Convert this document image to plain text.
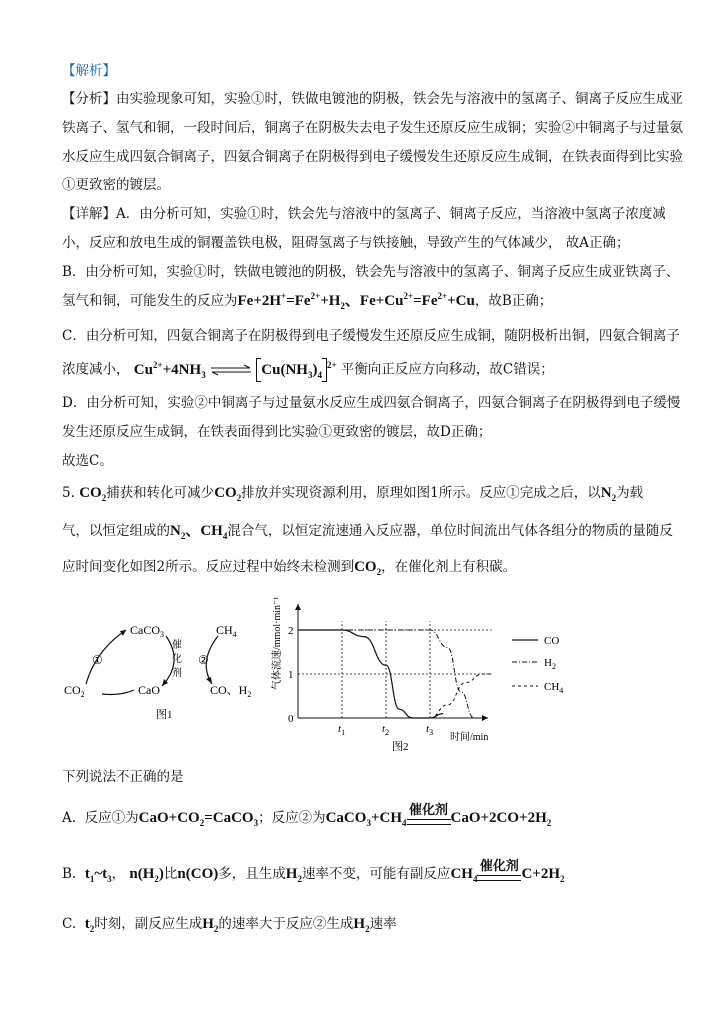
【解析】
【分析】由实验现象可知，实验①时，铁做电镀池的阴极，铁会先与溶液中的氢离子、铜离子反应生成亚
铁离子、氢气和铜，一段时间后，铜离子在阴极失去电子发生还原反应生成铜；实验②中铜离子与过量氨
水反应生成四氨合铜离子，四氨合铜离子在阴极得到电子缓慢发生还原反应生成铜，在铁表面得到比实验
①更致密的镀层。
【详解】A．由分析可知，实验①时，铁会先与溶液中的氢离子、铜离子反应，当溶液中氢离子浓度减
小，反应和放电生成的铜覆盖铁电极，阻碍氢离子与铁接触，导致产生的气体减少， 故A正确；
B．由分析可知，实验①时，铁做电镀池的阴极，铁会先与溶液中的氢离子、铜离子反应生成亚铁离子、
氢气和铜，可能发生的反应为$Fe+2H^+=Fe^{2+}+H_2$、$Fe+Cu^{2+}=Fe^{2+}+Cu$，故B正确；
C．由分析可知，四氨合铜离子在阴极得到电子缓慢发生还原反应生成铜，随阴极析出铜，四氨合铜离子
浓度减小， $Cu^{2+}+4NH_3$ ⇌ $Cu(NH_3)_4^{2+}$ 平衡向正反应方向移动，故C错误；
D．由分析可知，实验②中铜离子与过量氨水反应生成四氨合铜离子，四氨合铜离子在阴极得到电子缓慢
发生还原反应生成铜，在铁表面得到比实验①更致密的镀层，故D正确；
故选C。
5. $CO_2$捕获和转化可减少$CO_2$排放并实现资源利用，原理如图1所示。反应①完成之后，以$N_2$为载
气，以恒定组成的$N_2$、$CH_4$混合气，以恒定流速通入反应器，单位时间流出气体各组分的物质的量随反
应时间变化如图2所示。反应过程中始终未检测到$CO_2$，在催化剂上有积碳。
CaCO$_3$	$CH_4$
$CO_2$	CaO	CO、$H_2$
①	②
催
化
剂
图1
气体流速/mmol·min⁻¹
0
1
2
$t_1$	$t_2$	$t_3$ 时间/min
图2
CO
$H_2$
$CH_4$
下列说法不正确的是
A. 反应①为$CaO+CO_2=CaCO_3$；反应②为$CaCO_3+CH_4$
催化剂 $CaO+2CO+2H_2$
B. $t_1\sim t_3$， $n(H_2)$比n(CO)多，且生成$H_2$速率不变，可能有副反应$CH_4$
催化剂 $C+2H_2$
C. $t_2$时刻，副反应生成$H_2$的速率大于反应②生成$H_2$速率
